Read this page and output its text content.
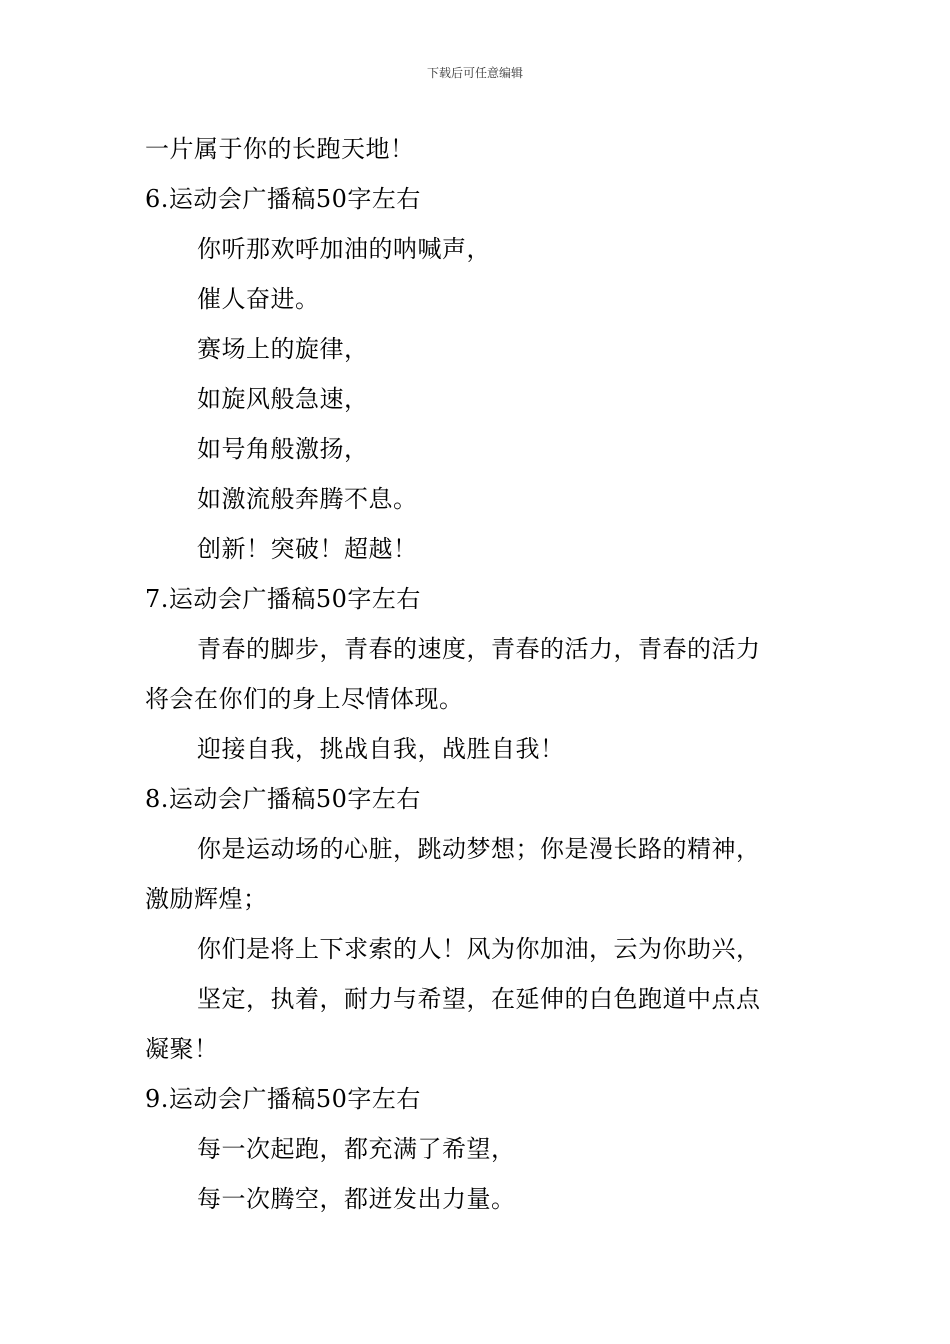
下载后可任意编辑
一片属于你的长跑天地！
6.运动会广播稿50字左右
你听那欢呼加油的呐喊声，
催人奋进。
赛场上的旋律，
如旋风般急速，
如号角般激扬，
如激流般奔腾不息。
创新！突破！超越！
7.运动会广播稿50字左右
青春的脚步，青春的速度，青春的活力，青春的活力
将会在你们的身上尽情体现。
迎接自我，挑战自我，战胜自我！
8.运动会广播稿50字左右
你是运动场的心脏，跳动梦想；你是漫长路的精神，
激励辉煌；
你们是将上下求索的人！风为你加油，云为你助兴，
坚定，执着，耐力与希望，在延伸的白色跑道中点点
凝聚！
9.运动会广播稿50字左右
每一次起跑，都充满了希望，
每一次腾空，都迸发出力量。
